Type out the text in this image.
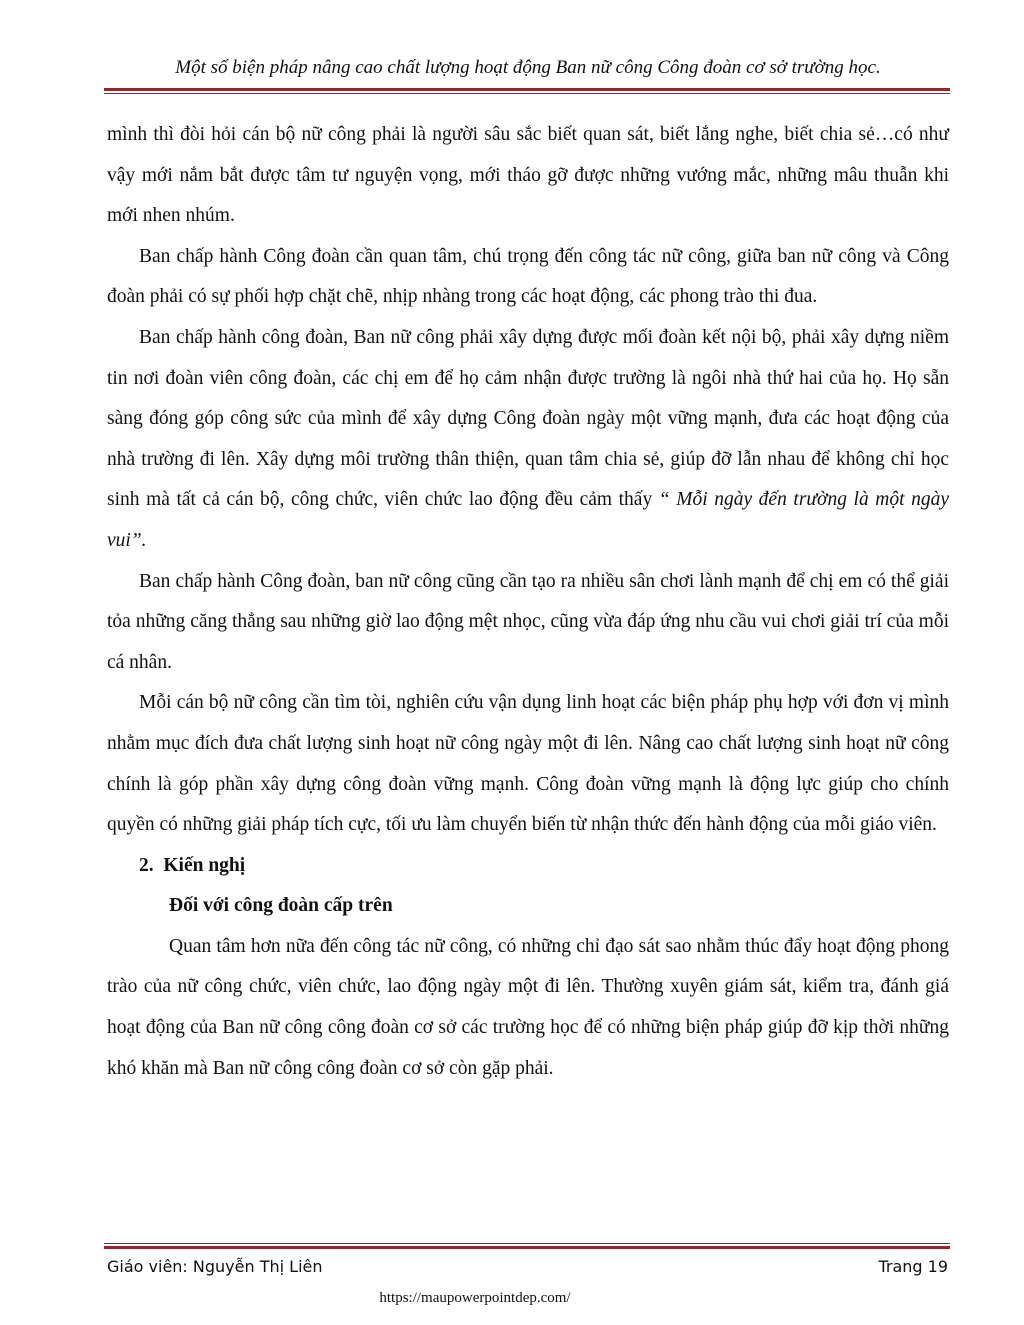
Một số biện pháp nâng cao chất lượng hoạt động Ban nữ công Công đoàn cơ sở trường học.

mình thì đòi hỏi cán bộ nữ công phải là người sâu sắc biết quan sát, biết lắng nghe, biết chia sẻ…có như vậy mới nắm bắt được tâm tư nguyện vọng, mới tháo gỡ được những vướng mắc, những mâu thuẫn khi mới nhen nhúm.

Ban chấp hành Công đoàn cần quan tâm, chú trọng đến công tác nữ công, giữa ban nữ công và Công đoàn phải có sự phối hợp chặt chẽ, nhịp nhàng trong các hoạt động, các phong trào thi đua.

Ban chấp hành công đoàn, Ban nữ công phải xây dựng được mối đoàn kết nội bộ, phải xây dựng niềm tin nơi đoàn viên công đoàn, các chị em để họ cảm nhận được trường là ngôi nhà thứ hai của họ. Họ sẵn sàng đóng góp công sức của mình để xây dựng Công đoàn ngày một vững mạnh, đưa các hoạt động của nhà trường đi lên. Xây dựng môi trường thân thiện, quan tâm chia sẻ, giúp đỡ lẫn nhau để không chỉ học sinh mà tất cả cán bộ, công chức, viên chức lao động đều cảm thấy “ Mỗi ngày đến trường là một ngày vui”.

Ban chấp hành Công đoàn, ban nữ công cũng cần tạo ra nhiều sân chơi lành mạnh để chị em có thể giải tỏa những căng thẳng sau những giờ lao động mệt nhọc, cũng vừa đáp ứng nhu cầu vui chơi giải trí của mỗi cá nhân.

Mỗi cán bộ nữ công cần tìm tòi, nghiên cứu vận dụng linh hoạt các biện pháp phụ hợp với đơn vị mình nhằm mục đích đưa chất lượng sinh hoạt nữ công ngày một đi lên. Nâng cao chất lượng sinh hoạt nữ công chính là góp phần xây dựng công đoàn vững mạnh. Công đoàn vững mạnh là động lực giúp cho chính quyền có những giải pháp tích cực, tối ưu làm chuyển biến từ nhận thức đến hành động của mỗi giáo viên.

2. Kiến nghị

Đối với công đoàn cấp trên

Quan tâm hơn nữa đến công tác nữ công, có những chỉ đạo sát sao nhằm thúc đẩy hoạt động phong trào của nữ công chức, viên chức, lao động ngày một đi lên. Thường xuyên giám sát, kiểm tra, đánh giá hoạt động của Ban nữ công công đoàn cơ sở các trường học để có những biện pháp giúp đỡ kịp thời những khó khăn mà Ban nữ công công đoàn cơ sở còn gặp phải.

Giáo viên: Nguyễn Thị Liên	Trang 19
https://maupowerpointdep.com/
